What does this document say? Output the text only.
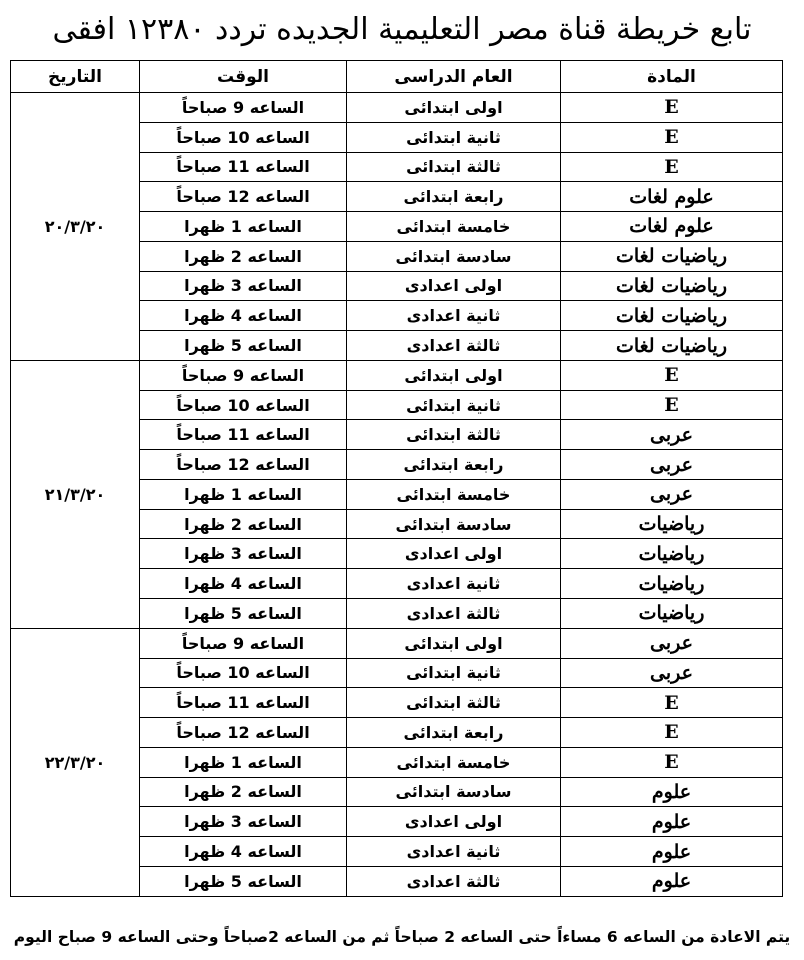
تابع خريطة قناة مصر التعليمية الجديده تردد ١٢٣٨٠ افقى
المادة	العام الدراسى	الوقت	التاريخ
E	اولى ابتدائى	الساعه 9 صباحاً	٢٠/٣/٢٠
E	ثانية ابتدائى	الساعه 10 صباحاً	
E	ثالثة ابتدائى	الساعه 11 صباحاً	
علوم لغات	رابعة ابتدائى	الساعه 12 صباحاً	
علوم لغات	خامسة ابتدائى	الساعه 1 ظهرا	
رياضيات لغات	سادسة ابتدائى	الساعه 2 ظهرا	
رياضيات لغات	اولى اعدادى	الساعه 3 ظهرا	
رياضيات لغات	ثانية اعدادى	الساعه 4 ظهرا	
رياضيات لغات	ثالثة اعدادى	الساعه 5 ظهرا	
E	اولى ابتدائى	الساعه 9 صباحاً	٢١/٣/٢٠
E	ثانية ابتدائى	الساعه 10 صباحاً	
عربى	ثالثة ابتدائى	الساعه 11 صباحاً	
عربى	رابعة ابتدائى	الساعه 12 صباحاً	
عربى	خامسة ابتدائى	الساعه 1 ظهرا	
رياضيات	سادسة ابتدائى	الساعه 2 ظهرا	
رياضيات	اولى اعدادى	الساعه 3 ظهرا	
رياضيات	ثانية اعدادى	الساعه 4 ظهرا	
رياضيات	ثالثة اعدادى	الساعه 5 ظهرا	
عربى	اولى ابتدائى	الساعه 9 صباحاً	٢٢/٣/٢٠
عربى	ثانية ابتدائى	الساعه 10 صباحاً	
E	ثالثة ابتدائى	الساعه 11 صباحاً	
E	رابعة ابتدائى	الساعه 12 صباحاً	
E	خامسة ابتدائى	الساعه 1 ظهرا	
علوم	سادسة ابتدائى	الساعه 2 ظهرا	
علوم	اولى اعدادى	الساعه 3 ظهرا	
علوم	ثانية اعدادى	الساعه 4 ظهرا	
علوم	ثالثة اعدادى	الساعه 5 ظهرا	
يتم الاعادة من الساعه 6 مساءاً حتى الساعه 2 صباحاً ثم من الساعه 2صباحاً وحتى الساعه 9 صباح اليوم
